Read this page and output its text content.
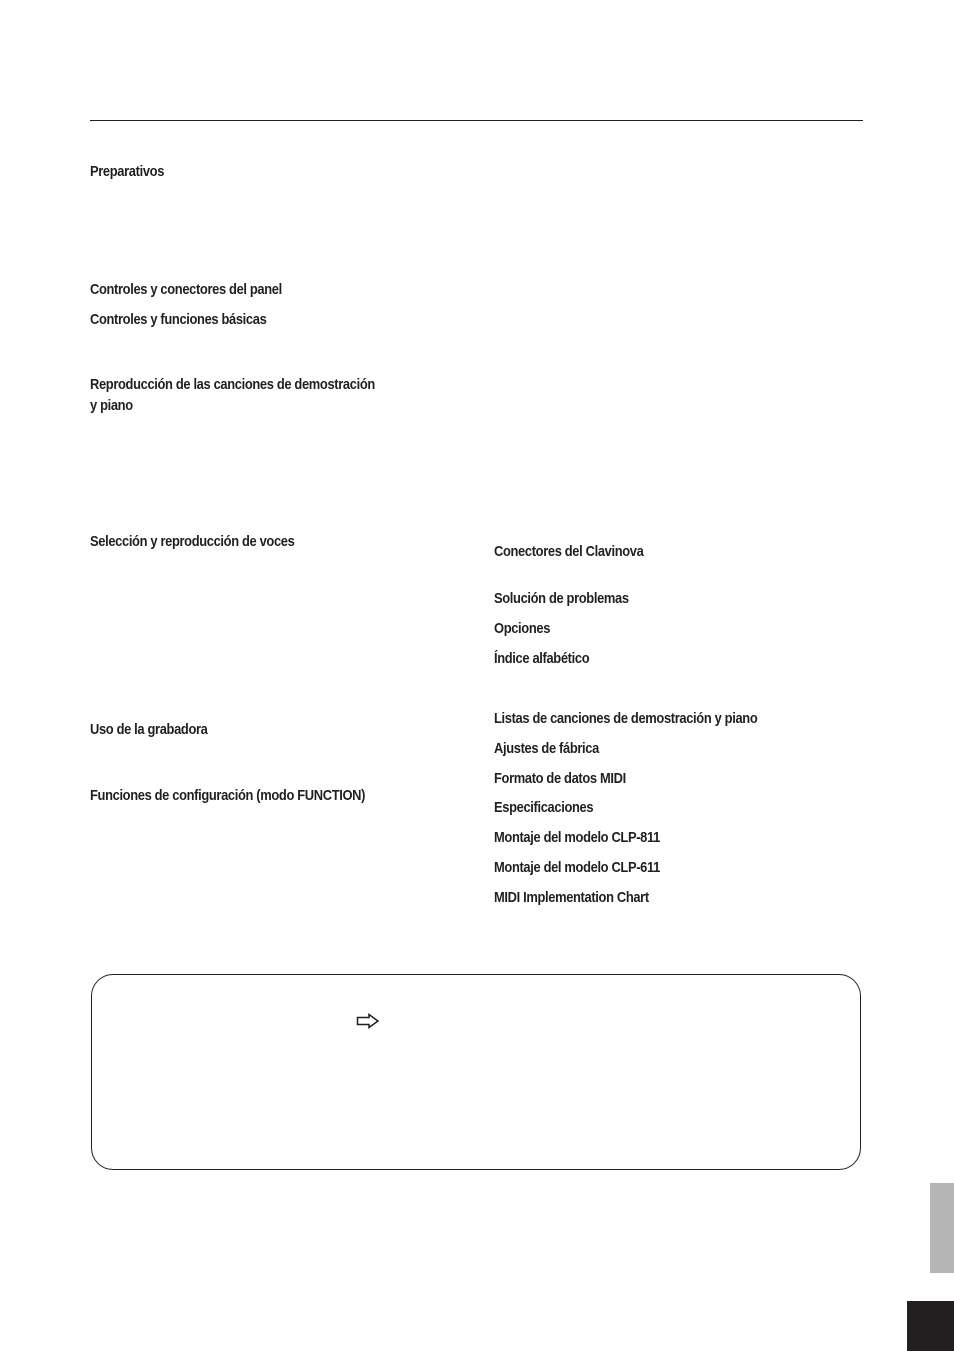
Preparativos
Controles y conectores del panel
Controles y funciones básicas
Reproducción de las canciones de demostración
y piano
Selección y reproducción de voces
Uso de la grabadora
Funciones de configuración (modo FUNCTION)
Conectores del Clavinova
Solución de problemas
Opciones
Índice alfabético
Listas de canciones de demostración y piano
Ajustes de fábrica
Formato de datos MIDI
Especificaciones
Montaje del modelo CLP-811
Montaje del modelo CLP-611
MIDI Implementation Chart
